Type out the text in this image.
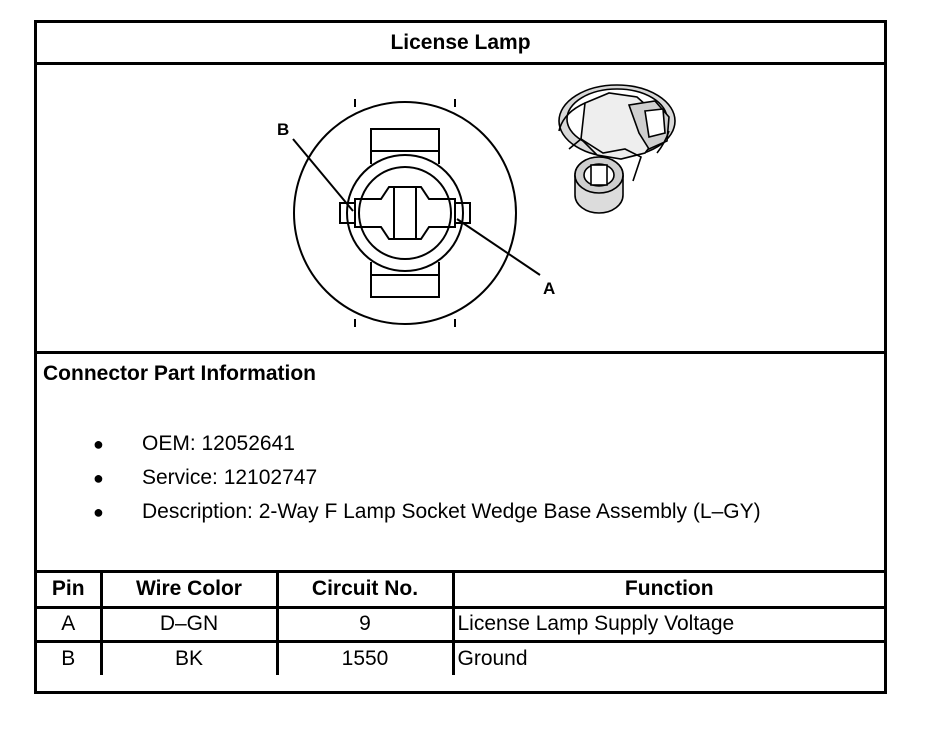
License Lamp
B
A
Connector Part Information
● OEM: 12052641
● Service: 12102747
● Description: 2-Way F Lamp Socket Wedge Base Assembly (L–GY)
Pin	Wire Color	Circuit No.	Function
A	D–GN	9	License Lamp Supply Voltage
B	BK	1550	Ground
